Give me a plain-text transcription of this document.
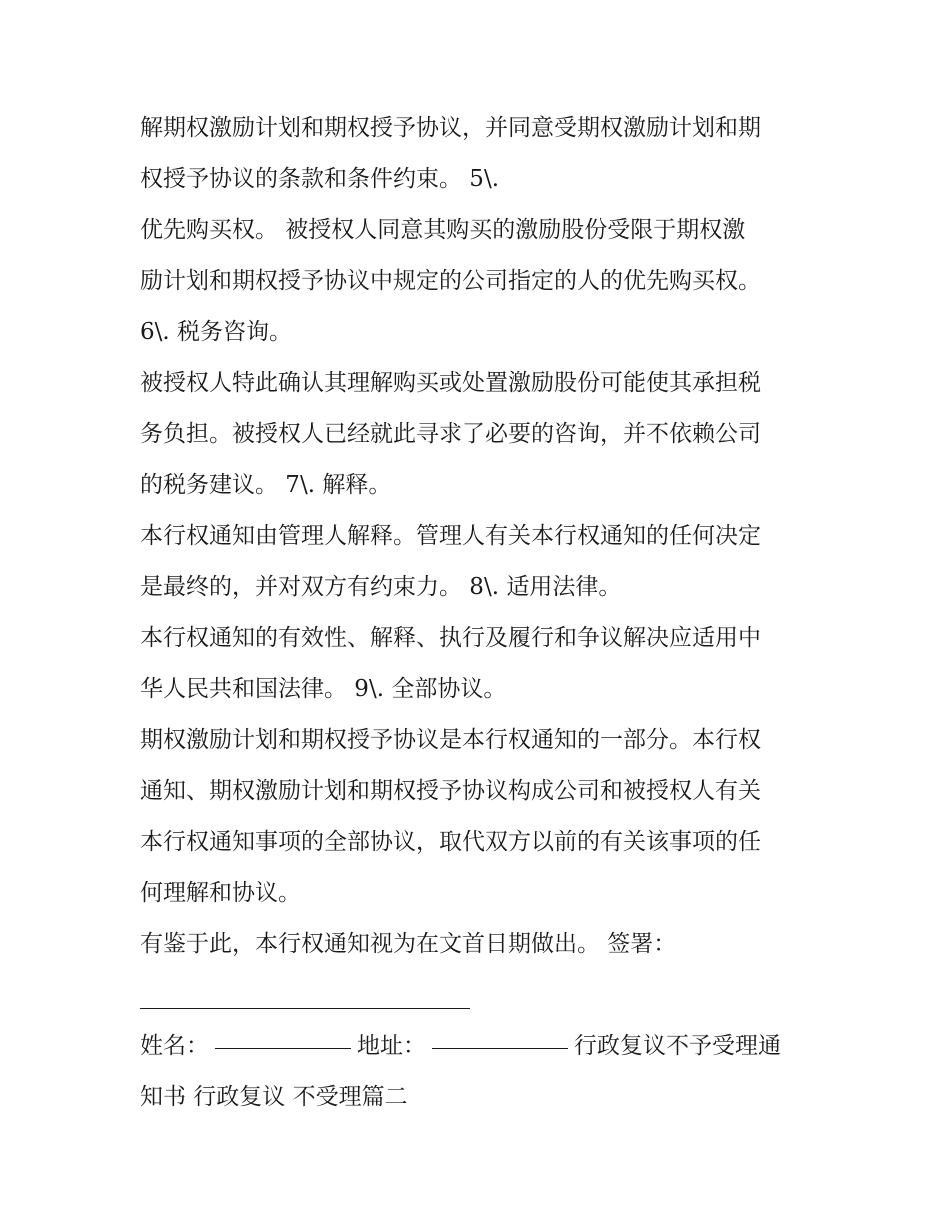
解期权激励计划和期权授予协议，并同意受期权激励计划和期
权授予协议的条款和条件约束。 5\.
优先购买权。 被授权人同意其购买的激励股份受限于期权激
励计划和期权授予协议中规定的公司指定的人的优先购买权。
6\. 税务咨询。
被授权人特此确认其理解购买或处置激励股份可能使其承担税
务负担。被授权人已经就此寻求了必要的咨询，并不依赖公司
的税务建议。 7\. 解释。
本行权通知由管理人解释。管理人有关本行权通知的任何决定
是最终的，并对双方有约束力。 8\. 适用法律。
本行权通知的有效性、解释、执行及履行和争议解决应适用中
华人民共和国法律。 9\. 全部协议。
期权激励计划和期权授予协议是本行权通知的一部分。本行权
通知、期权激励计划和期权授予协议构成公司和被授权人有关
本行权通知事项的全部协议，取代双方以前的有关该事项的任
何理解和协议。
有鉴于此，本行权通知视为在文首日期做出。 签署：
姓名：	地址：	行政复议不予受理通
知书 行政复议 不受理篇二
